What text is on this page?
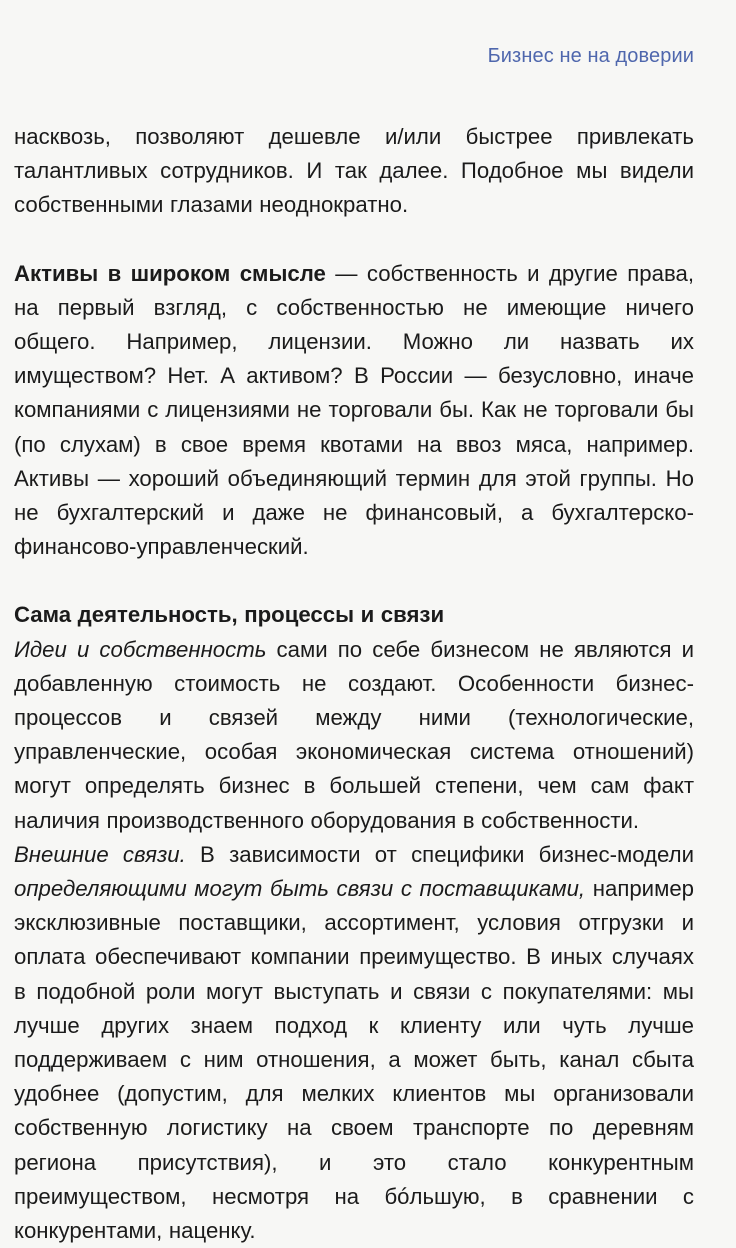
Бизнес не на доверии

насквозь, позволяют дешевле и/или быстрее привлекать талантливых сотрудников. И так далее. Подобное мы видели собственными глазами неоднократно.

Активы в широком смысле — собственность и другие права, на первый взгляд, с собственностью не имеющие ничего общего. Например, лицензии. Можно ли назвать их имуществом? Нет. А активом? В России — безусловно, иначе компаниями с лицензиями не торговали бы. Как не торговали бы (по слухам) в свое время квотами на ввоз мяса, например. Активы — хороший объединяющий термин для этой группы. Но не бухгалтерский и даже не финансовый, а бухгалтерско-финансово-управленческий.

Сама деятельность, процессы и связи

Идеи и собственность сами по себе бизнесом не являются и добавленную стоимость не создают. Особенности бизнес-процессов и связей между ними (технологические, управленческие, особая экономическая система отношений) могут определять бизнес в большей степени, чем сам факт наличия производственного оборудования в собственности.

Внешние связи. В зависимости от специфики бизнес-модели определяющими могут быть связи с поставщиками, например эксклюзивные поставщики, ассортимент, условия отгрузки и оплата обеспечивают компании преимущество. В иных случаях в подобной роли могут выступать и связи с покупателями: мы лучше других знаем подход к клиенту или чуть лучше поддерживаем с ним отношения, а может быть, канал сбыта удобнее (допустим, для мелких клиентов мы организовали собственную логистику на своем транспорте по деревням региона присутствия), и это стало конкурентным преимуществом, несмотря на бóльшую, в сравнении с конкурентами, наценку.
